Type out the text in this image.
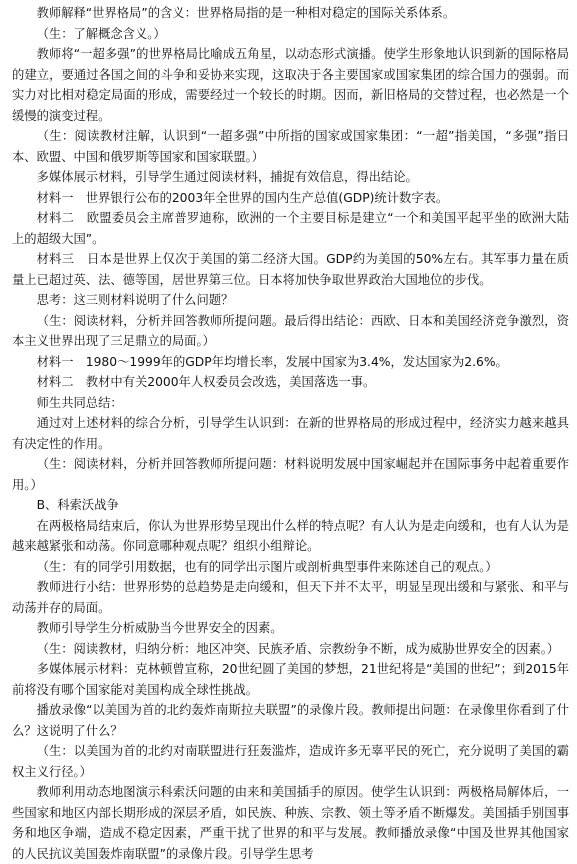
教师解释“世界格局”的含义：世界格局指的是一种相对稳定的国际关系体系。

（生：了解概念含义。）

教师将“一超多强”的世界格局比喻成五角星，以动态形式演播。使学生形象地认识到新的国际格局的建立，要通过各国之间的斗争和妥协来实现，这取决于各主要国家或国家集团的综合国力的强弱。而实力对比相对稳定局面的形成，需要经过一个较长的时期。因而，新旧格局的交替过程，也必然是一个缓慢的演变过程。

（生：阅读教材注解，认识到“一超多强”中所指的国家或国家集团：“一超”指美国，“多强”指日本、欧盟、中国和俄罗斯等国家和国家联盟。）

多媒体展示材料，引导学生通过阅读材料，捕捉有效信息，得出结论。

材料一　世界银行公布的2003年全世界的国内生产总值(GDP)统计数字表。

材料二　欧盟委员会主席普罗迪称，欧洲的一个主要目标是建立“一个和美国平起平坐的欧洲大陆上的超级大国”。

材料三　日本是世界上仅次于美国的第二经济大国。GDP约为美国的50%左右。其军事力量在质量上已超过英、法、德等国，居世界第三位。日本将加快争取世界政治大国地位的步伐。

思考：这三则材料说明了什么问题？

（生：阅读材料，分析并回答教师所提问题。最后得出结论：西欧、日本和美国经济竞争激烈，资本主义世界出现了三足鼎立的局面。）

材料一　1980～1999年的GDP年均增长率，发展中国家为3.4%，发达国家为2.6%。

材料二　教材中有关2000年人权委员会改选，美国落选一事。

师生共同总结：

通过对上述材料的综合分析，引导学生认识到：在新的世界格局的形成过程中，经济实力越来越具有决定性的作用。

（生：阅读材料，分析并回答教师所提问题：材料说明发展中国家崛起并在国际事务中起着重要作用。）

B、科索沃战争

在两极格局结束后，你认为世界形势呈现出什么样的特点呢？有人认为是走向缓和，也有人认为是越来越紧张和动荡。你同意哪种观点呢？组织小组辩论。

（生：有的同学引用数据，也有的同学出示图片或剖析典型事件来陈述自己的观点。）

教师进行小结：世界形势的总趋势是走向缓和，但天下并不太平，明显呈现出缓和与紧张、和平与动荡并存的局面。

教师引导学生分析威胁当今世界安全的因素。

（生：阅读教材，归纳分析：地区冲突、民族矛盾、宗教纷争不断，成为威胁世界安全的因素。）

多媒体展示材料：克林顿曾宣称，20世纪圆了美国的梦想，21世纪将是“美国的世纪”；到2015年前将没有哪个国家能对美国构成全球性挑战。

播放录像“以美国为首的北约轰炸南斯拉夫联盟”的录像片段。教师提出问题：在录像里你看到了什么？这说明了什么？

（生：以美国为首的北约对南联盟进行狂轰滥炸，造成许多无辜平民的死亡，充分说明了美国的霸权主义行径。）

教师利用动态地图演示科索沃问题的由来和美国插手的原因。使学生认识到：两极格局解体后，一些国家和地区内部长期形成的深层矛盾，如民族、种族、宗教、领土等矛盾不断爆发。美国插手别国事务和地区争端，造成不稳定因素，严重干扰了世界的和平与发展。教师播放录像“中国及世界其他国家的人民抗议美国轰炸南联盟”的录像片段。引导学生思考
